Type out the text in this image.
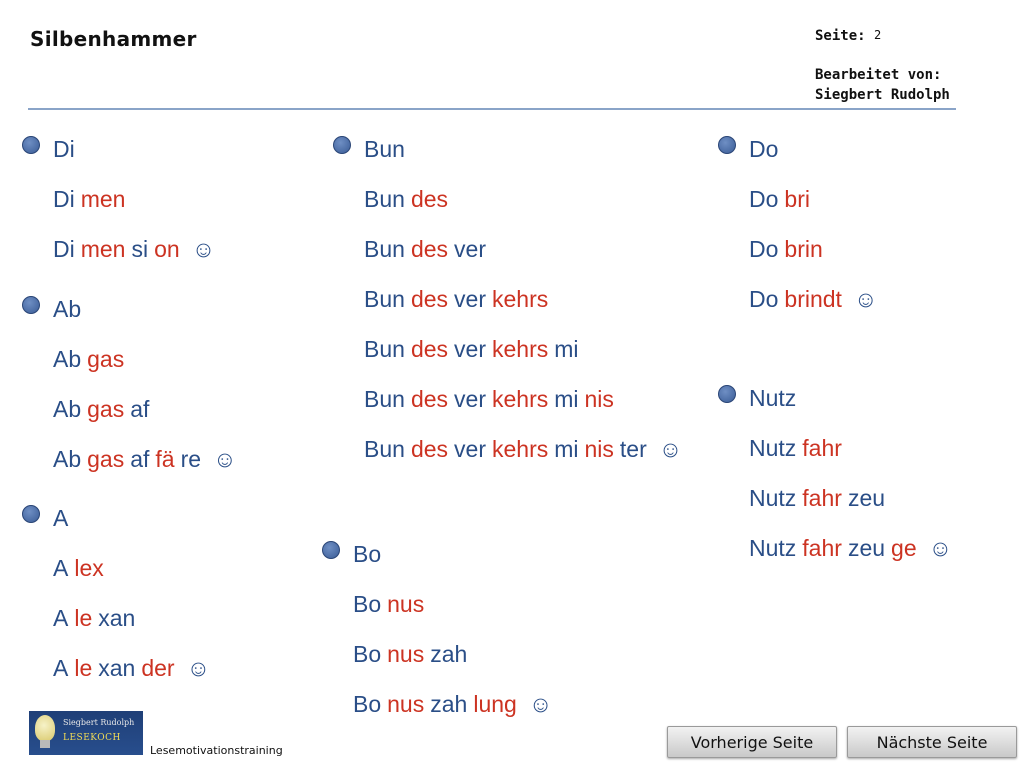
Silbenhammer	Seite: 2
Bearbeitet von:
Siegbert Rudolph
Di
Di men
Di men si on ☺
Ab
Ab gas
Ab gas af
Ab gas af fä re ☺
A
A lex
A le xan
A le xan der ☺
Bun
Bun des
Bun des ver
Bun des ver kehrs
Bun des ver kehrs mi
Bun des ver kehrs mi nis
Bun des ver kehrs mi nis ter ☺
Bo
Bo nus
Bo nus zah
Bo nus zah lung ☺
Do
Do bri
Do brin
Do brindt ☺
Nutz
Nutz fahr
Nutz fahr zeu
Nutz fahr zeu ge ☺
Siegbert Rudolph
LESEKOCH
Lesemotivationstraining	Vorherige Seite	Nächste Seite
